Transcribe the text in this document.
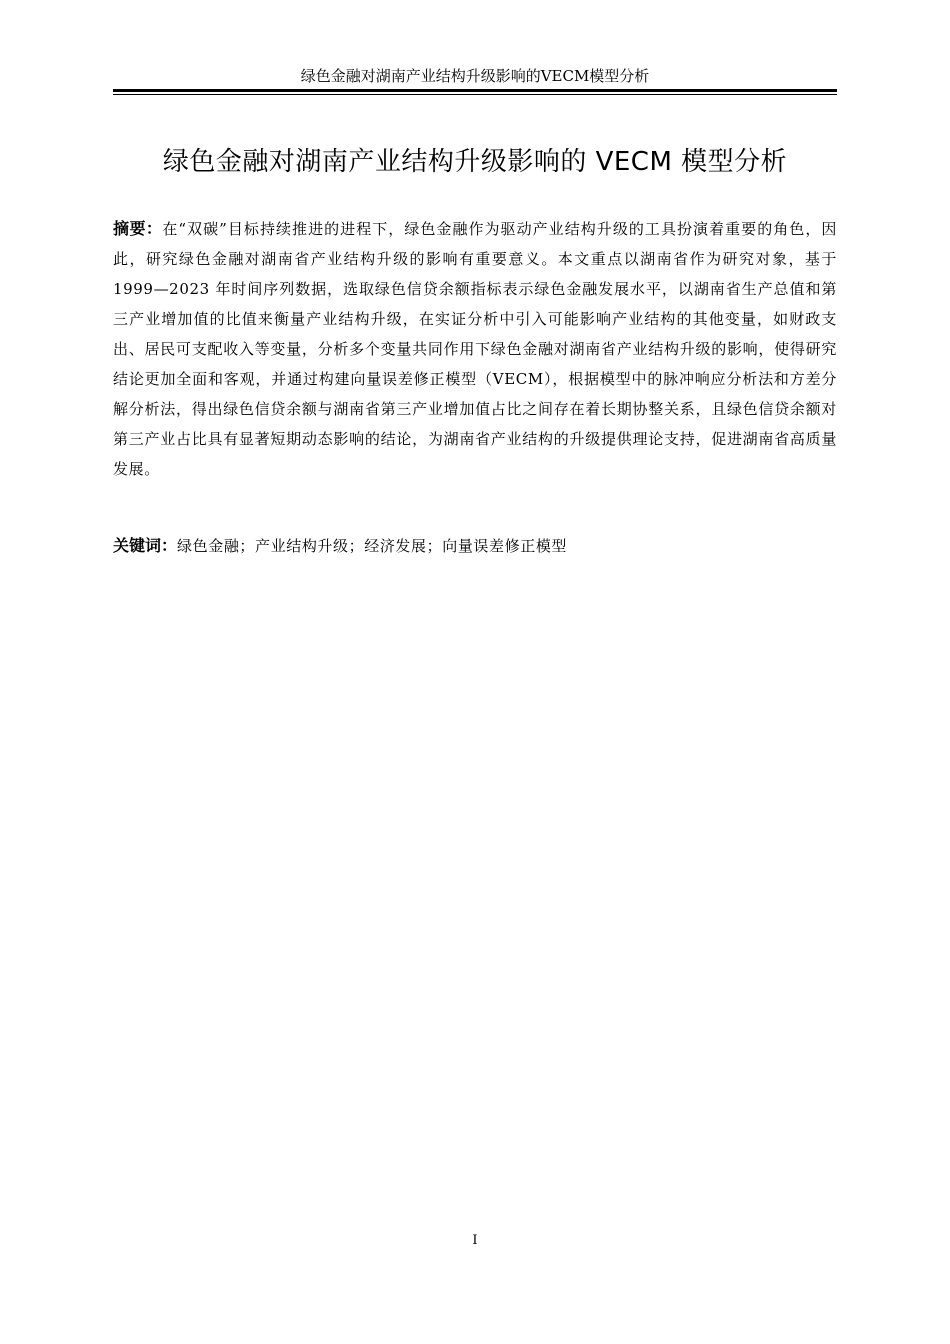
绿色金融对湖南产业结构升级影响的VECM模型分析
绿色金融对湖南产业结构升级影响的 VECM 模型分析
摘要：在“双碳”目标持续推进的进程下，绿色金融作为驱动产业结构升级的工具扮演着重要的角色，因此，研究绿色金融对湖南省产业结构升级的影响有重要意义。本文重点以湖南省作为研究对象，基于 1999—2023 年时间序列数据，选取绿色信贷余额指标表示绿色金融发展水平，以湖南省生产总值和第三产业增加值的比值来衡量产业结构升级，在实证分析中引入可能影响产业结构的其他变量，如财政支出、居民可支配收入等变量，分析多个变量共同作用下绿色金融对湖南省产业结构升级的影响，使得研究结论更加全面和客观，并通过构建向量误差修正模型（VECM），根据模型中的脉冲响应分析法和方差分解分析法，得出绿色信贷余额与湖南省第三产业增加值占比之间存在着长期协整关系，且绿色信贷余额对第三产业占比具有显著短期动态影响的结论，为湖南省产业结构的升级提供理论支持，促进湖南省高质量发展。
关键词：绿色金融；产业结构升级；经济发展；向量误差修正模型
I
